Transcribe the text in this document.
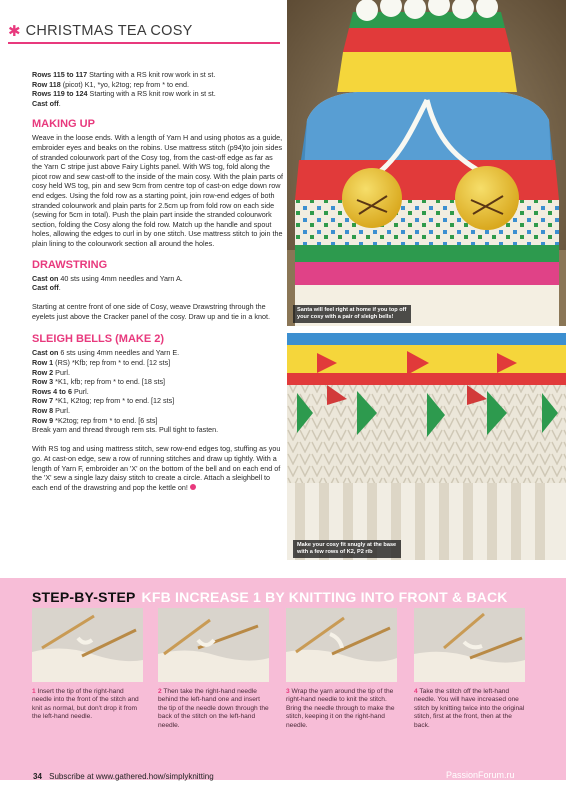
✱ CHRISTMAS TEA COSY

Rows 115 to 117 Starting with a RS knit row work in st st.

Row 118 (picot) K1, *yo, k2tog; rep from * to end.

Rows 119 to 124 Starting with a RS knit row work in st st.

Cast off.

MAKING UP

Weave in the loose ends. With a length of Yarn H and using photos as a guide, embroider eyes and beaks on the robins. Use mattress stitch (p94)to join sides of stranded colourwork part of the Cosy tog, from the cast-off edge as far as the Yarn C stripe just above Fairy Lights panel. With WS tog, fold along the picot row and sew cast-off to the inside of the main cosy. With the plain parts of cosy held WS tog, pin and sew 9cm from centre top of cast-on edge down row end edges. Using the fold row as a starting point, join row-end edges of both stranded colourwork and plain parts for 2.5cm up from fold row on each side (sewing for 5cm in total). Push the plain part inside the stranded colourwork section, folding the Cosy along the fold row. Match up the handle and spout holes, allowing the edges to curl in by one stitch. Use mattress stitch to join the plain lining to the colourwork section all around the holes.

DRAWSTRING

Cast on 40 sts using 4mm needles and Yarn A.

Cast off.

Starting at centre front of one side of Cosy, weave Drawstring through the eyelets just above the Cracker panel of the cosy. Draw up and tie in a knot.

SLEIGH BELLS (MAKE 2)

Cast on 6 sts using 4mm needles and Yarn E.

Row 1 (RS) *Kfb; rep from * to end. [12 sts]

Row 2 Purl.

Row 3 *K1, kfb; rep from * to end. [18 sts]

Rows 4 to 6 Purl.

Row 7 *K1, K2tog; rep from * to end. [12 sts]

Row 8 Purl.

Row 9 *K2tog; rep from * to end. [6 sts]

Break yarn and thread through rem sts. Pull tight to fasten.

With RS tog and using mattress stitch, sew row-end edges tog, stuffing as you go. At cast-on edge, sew a row of running stitches and draw up tightly. With a length of Yarn F, embroider an 'X' on the bottom of the bell and on each end of the 'X' sew a single lazy daisy stitch to create a circle. Attach a sleighbell to each end of the drawstring and pop the kettle on!

Santa will feel right at home if you top off your cosy with a pair of sleigh bells!
Make your cosy fit snugly at the base with a few rows of K2, P2 rib
STEP-BY-STEP KFB INCREASE 1 BY KNITTING INTO FRONT & BACK
1 Insert the tip of the right-hand needle into the front of the stitch and knit as normal, but don't drop it from the left-hand needle.
2 Then take the right-hand needle behind the left-hand one and insert the tip of the needle down through the back of the stitch on the left-hand needle.
3 Wrap the yarn around the tip of the right-hand needle to knit the stitch. Bring the needle through to make the stitch, keeping it on the right-hand needle.
4 Take the stitch off the left-hand needle. You will have increased one stitch by knitting twice into the original stitch, first at the front, then at the back.
34 Subscribe at www.gathered.how/simplyknitting	PassionForum.ru
